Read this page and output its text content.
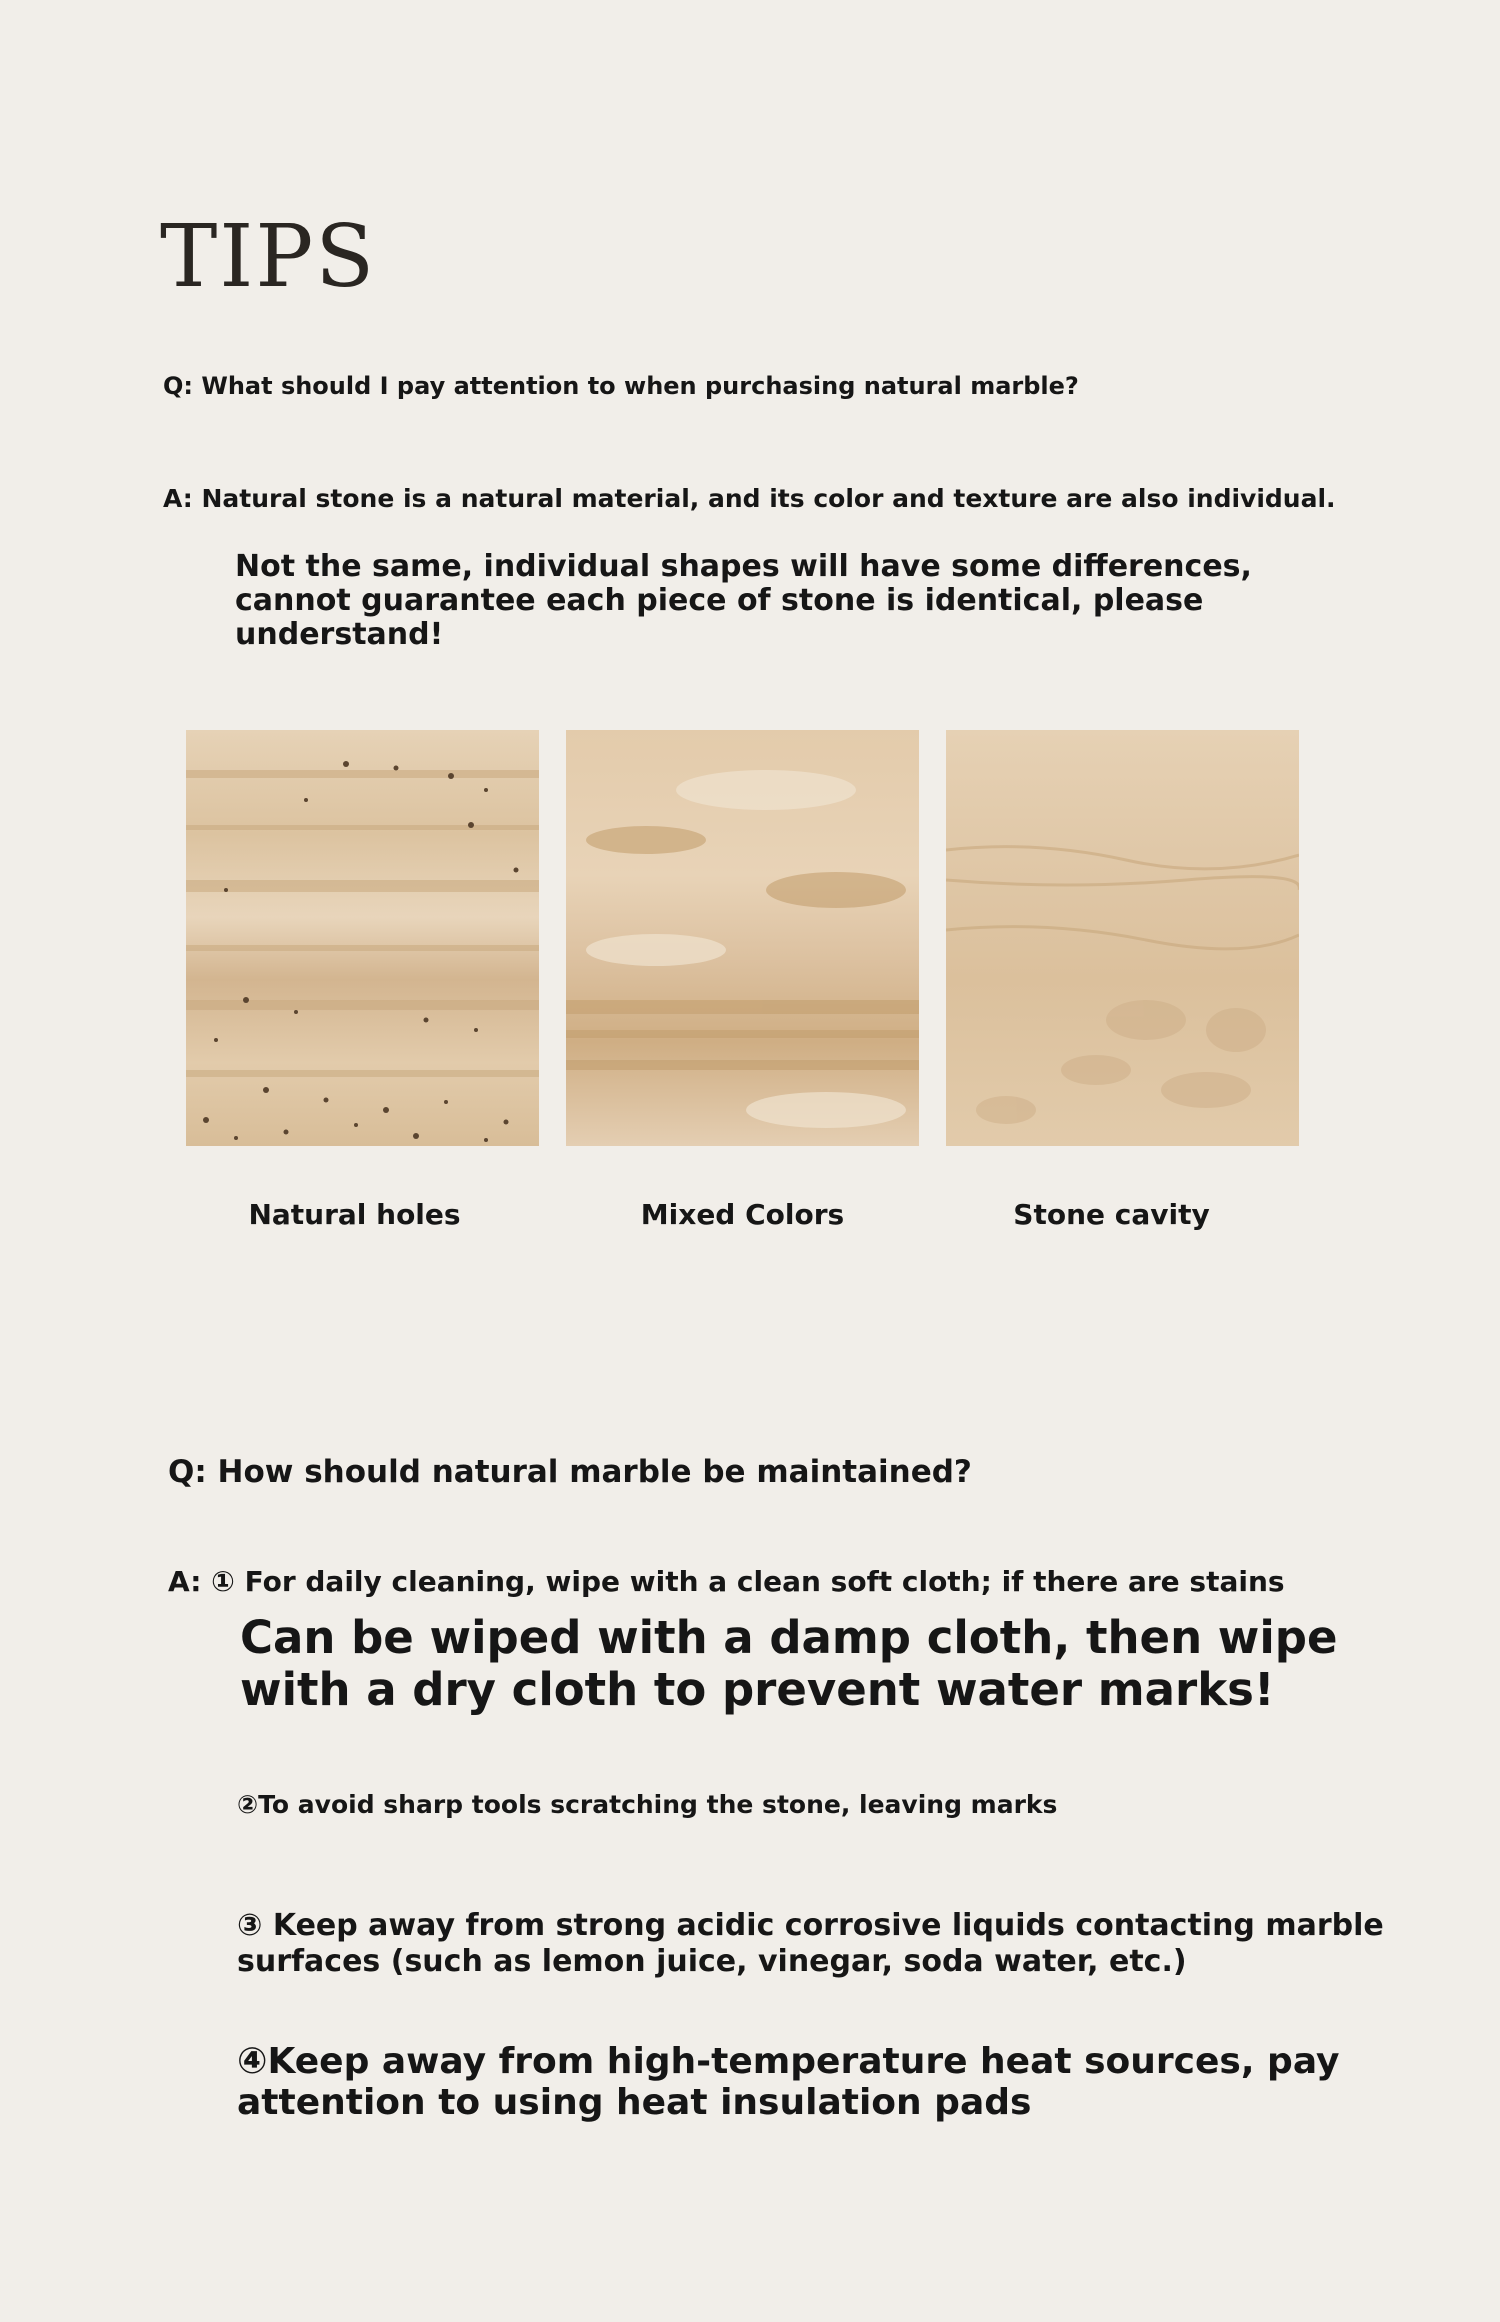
TIPS
Q: What should I pay attention to when purchasing natural marble?
A: Natural stone is a natural material, and its color and texture are also individual.
Not the same, individual shapes will have some differences, cannot guarantee each piece of stone is identical, please understand!
Natural holes	Mixed Colors	Stone cavity
Q: How should natural marble be maintained?
A: ① For daily cleaning, wipe with a clean soft cloth; if there are stains
Can be wiped with a damp cloth, then wipe with a dry cloth to prevent water marks!
②To avoid sharp tools scratching the stone, leaving marks
③ Keep away from strong acidic corrosive liquids contacting marble surfaces (such as lemon juice, vinegar, soda water, etc.)
④Keep away from high-temperature heat sources, pay attention to using heat insulation pads
